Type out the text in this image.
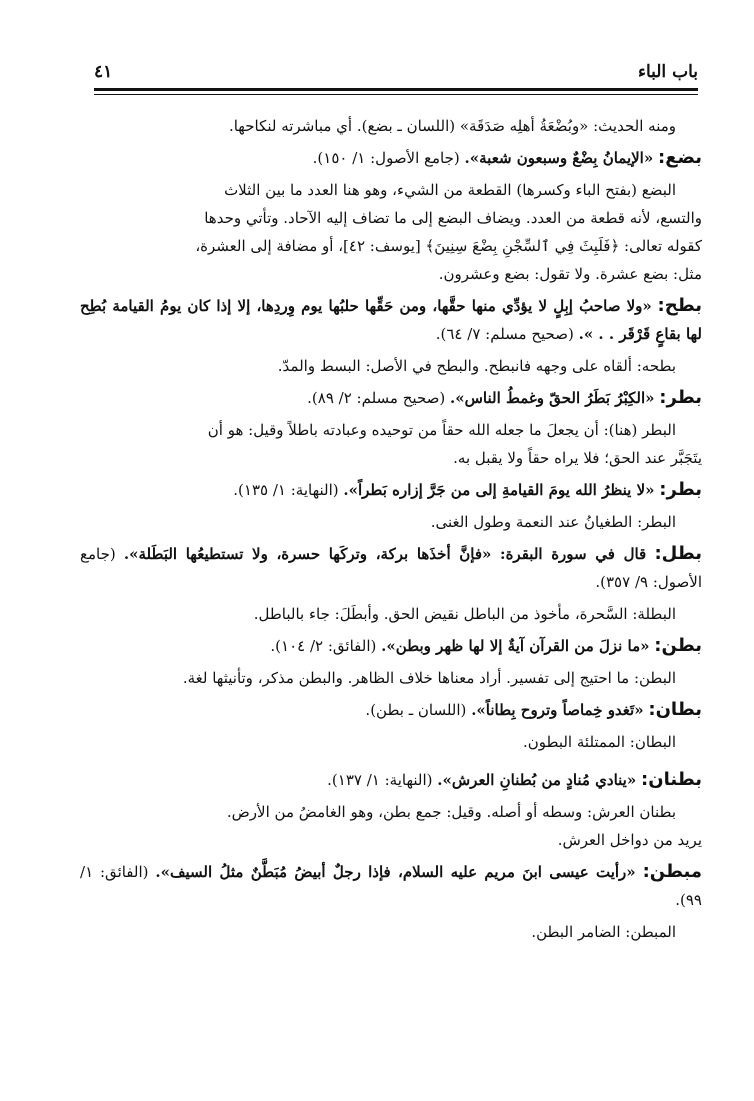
باب الباء
٤١
ومنه الحديث: «وبُضْعَةُ أهلِه صَدَقَة» (اللسان ـ بضع). أي مباشرته لنكاحها.
بضع: «الإيمانُ بِضْعٌ وسبعون شعبة». (جامع الأصول: ١/ ١٥٠).
البضع (بفتح الباء وكسرها) القطعة من الشيء، وهو هنا العدد ما بين الثلاث
والتسع، لأنه قطعة من العدد. ويضاف البضع إلى ما تضاف إليه الآحاد. وتأتي وحدها
كقوله تعالى: ﴿فَلَبِثَ فِي ٱلسِّجْنِ بِضْعَ سِنِينَ﴾ [يوسف: ٤٢]، أو مضافة إلى العشرة،
مثل: بضع عشرة. ولا تقول: بضع وعشرون.
بطح: «ولا صاحبُ إبِلٍ لا يؤدِّي منها حقَّها، ومن حَقِّها حلبُها يوم وِردِها، إلا إذا كان يومُ القيامة بُطِح لها بقاعٍ قَرْقَر . . ». (صحيح مسلم: ٧/ ٦٤).
بطحه: ألقاه على وجهه فانبطح. والبطح في الأصل: البسط والمدّ.
بطر: «الكِبْرُ بَطَرُ الحقّ وغمطُ الناس». (صحيح مسلم: ٢/ ٨٩).
البطر (هنا): أن يجعلَ ما جعله الله حقاً من توحيده وعبادته باطلاً وقيل: هو أن
يتَجَبَّر عند الحق؛ فلا يراه حقاً ولا يقبل به.
بطر: «لا ينظرُ الله يومَ القيامةِ إلى من جَرَّ إزاره بَطراً». (النهاية: ١/ ١٣٥).
البطر: الطغيانُ عند النعمة وطول الغنى.
بطل: قال في سورة البقرة: «فإنَّ أخذَها بركة، وتركَها حسرة، ولا تستطيعُها البَطَلة». (جامع الأصول: ٩/ ٣٥٧).
البطلة: السَّحرة، مأخوذ من الباطل نقيض الحق. وأبطَلَ: جاء بالباطل.
بطن: «ما نزلَ من القرآن آيةٌ إلا لها ظهر وبطن». (الفائق: ٢/ ١٠٤).
البطن: ما احتيج إلى تفسير. أراد معناها خلاف الظاهر. والبطن مذكر، وتأنيثها لغة.
بطان: «تَغدو خِماصاً وتروح بِطاناً». (اللسان ـ بطن).
البطان: الممتلئة البطون.
بطنان: «ينادي مُنادٍ من بُطنانِ العرش». (النهاية: ١/ ١٣٧).
بطنان العرش: وسطه أو أصله. وقيل: جمع بطن، وهو الغامضُ من الأرض.
يريد من دواخل العرش.
مبطن: «رأيت عيسى ابنَ مريم عليه السلام، فإذا رجلٌ أبيضُ مُبَطَّنٌ مثلُ السيف». (الفائق: ١/ ٩٩).
المبطن: الضامر البطن.
